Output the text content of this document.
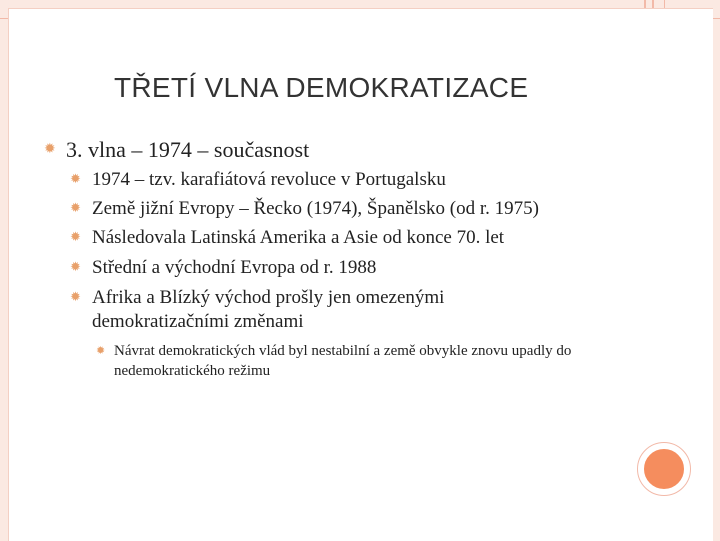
TŘETÍ VLNA DEMOKRATIZACE
✹ 3. vlna – 1974 – současnost
✹ 1974 – tzv. karafiátová revoluce v Portugalsku
✹ Země jižní Evropy – Řecko (1974), Španělsko (od r. 1975)
✹ Následovala Latinská Amerika a Asie od konce 70. let
✹ Střední a východní Evropa od r. 1988
✹ Afrika a Blízký východ prošly jen omezenými demokratizačními změnami
✹ Návrat demokratických vlád byl nestabilní a země obvykle znovu upadly do nedemokratického režimu
